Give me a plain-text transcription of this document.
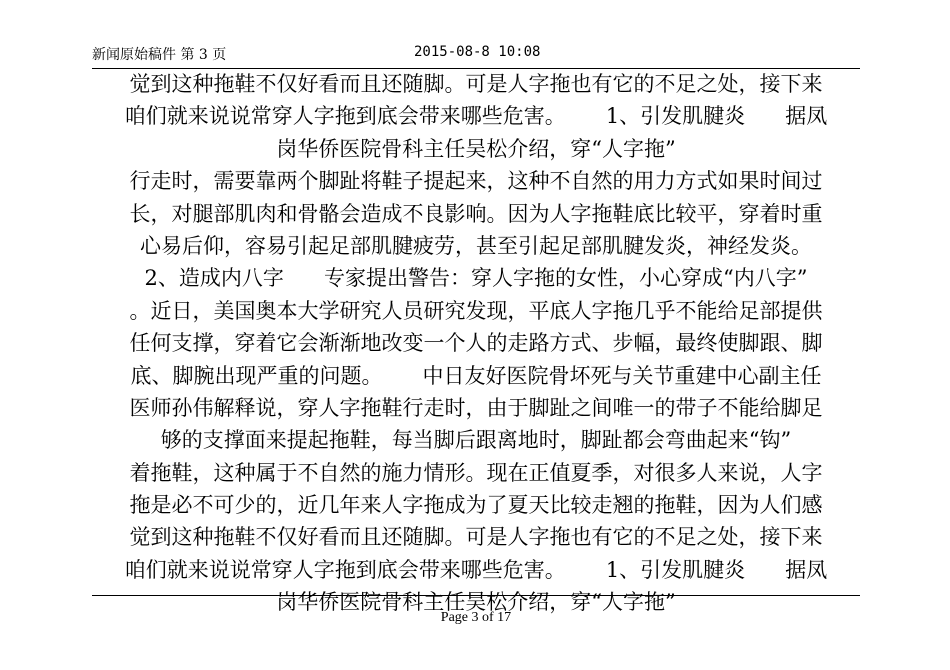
新闻原始稿件 第 3 页	2015-08-8 10:08
觉到这种拖鞋不仅好看而且还随脚。可是人字拖也有它的不足之处，接下来
咱们就来说说常穿人字拖到底会带来哪些危害。      1、引发肌腱炎      据凤
岗华侨医院骨科主任吴松介绍，穿“人字拖”
行走时，需要靠两个脚趾将鞋子提起来，这种不自然的用力方式如果时间过
长，对腿部肌肉和骨骼会造成不良影响。因为人字拖鞋底比较平，穿着时重
心易后仰，容易引起足部肌腱疲劳，甚至引起足部肌腱发炎，神经发炎。
2、造成内八字      专家提出警告：穿人字拖的女性，小心穿成“内八字”
。近日，美国奥本大学研究人员研究发现，平底人字拖几乎不能给足部提供
任何支撑，穿着它会渐渐地改变一个人的走路方式、步幅，最终使脚跟、脚
底、脚腕出现严重的问题。      中日友好医院骨坏死与关节重建中心副主任
医师孙伟解释说，穿人字拖鞋行走时，由于脚趾之间唯一的带子不能给脚足
够的支撑面来提起拖鞋，每当脚后跟离地时，脚趾都会弯曲起来“钩”
着拖鞋，这种属于不自然的施力情形。现在正值夏季，对很多人来说，人字
拖是必不可少的，近几年来人字拖成为了夏天比较走翘的拖鞋，因为人们感
觉到这种拖鞋不仅好看而且还随脚。可是人字拖也有它的不足之处，接下来
咱们就来说说常穿人字拖到底会带来哪些危害。      1、引发肌腱炎      据凤
岗华侨医院骨科主任吴松介绍，穿“人字拖”
Page 3 of 17
